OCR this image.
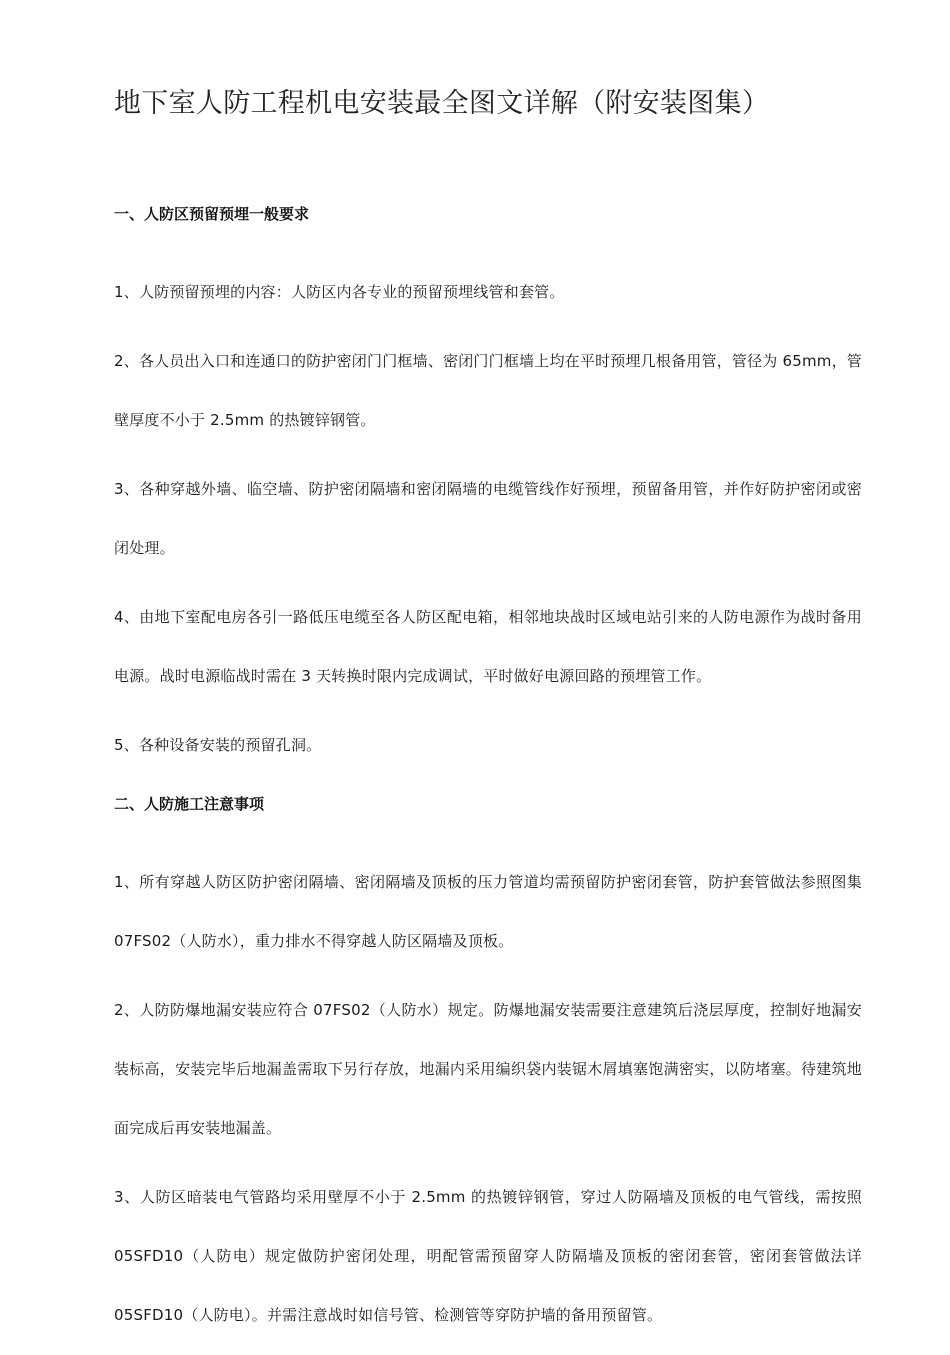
地下室人防工程机电安装最全图文详解（附安装图集）
一、人防区预留预埋一般要求

1、人防预留预埋的内容：人防区内各专业的预留预埋线管和套管。

2、各人员出入口和连通口的防护密闭门门框墙、密闭门门框墙上均在平时预埋几根备用管，管径为 65mm，管壁厚度不小于 2.5mm 的热镀锌钢管。

3、各种穿越外墙、临空墙、防护密闭隔墙和密闭隔墙的电缆管线作好预埋，预留备用管，并作好防护密闭或密闭处理。

4、由地下室配电房各引一路低压电缆至各人防区配电箱，相邻地块战时区域电站引来的人防电源作为战时备用电源。战时电源临战时需在 3 天转换时限内完成调试，平时做好电源回路的预埋管工作。

5、各种设备安装的预留孔洞。

二、人防施工注意事项

1、所有穿越人防区防护密闭隔墙、密闭隔墙及顶板的压力管道均需预留防护密闭套管，防护套管做法参照图集 07FS02（人防水），重力排水不得穿越人防区隔墙及顶板。

2、人防防爆地漏安装应符合 07FS02（人防水）规定。防爆地漏安装需要注意建筑后浇层厚度，控制好地漏安装标高，安装完毕后地漏盖需取下另行存放，地漏内采用编织袋内装锯木屑填塞饱满密实，以防堵塞。待建筑地面完成后再安装地漏盖。

3、人防区暗装电气管路均采用壁厚不小于 2.5mm 的热镀锌钢管，穿过人防隔墙及顶板的电气管线，需按照 05SFD10（人防电）规定做防护密闭处理，明配管需预留穿人防隔墙及顶板的密闭套管，密闭套管做法详 05SFD10（人防电）。并需注意战时如信号管、检测管等穿防护墙的备用预留管。
